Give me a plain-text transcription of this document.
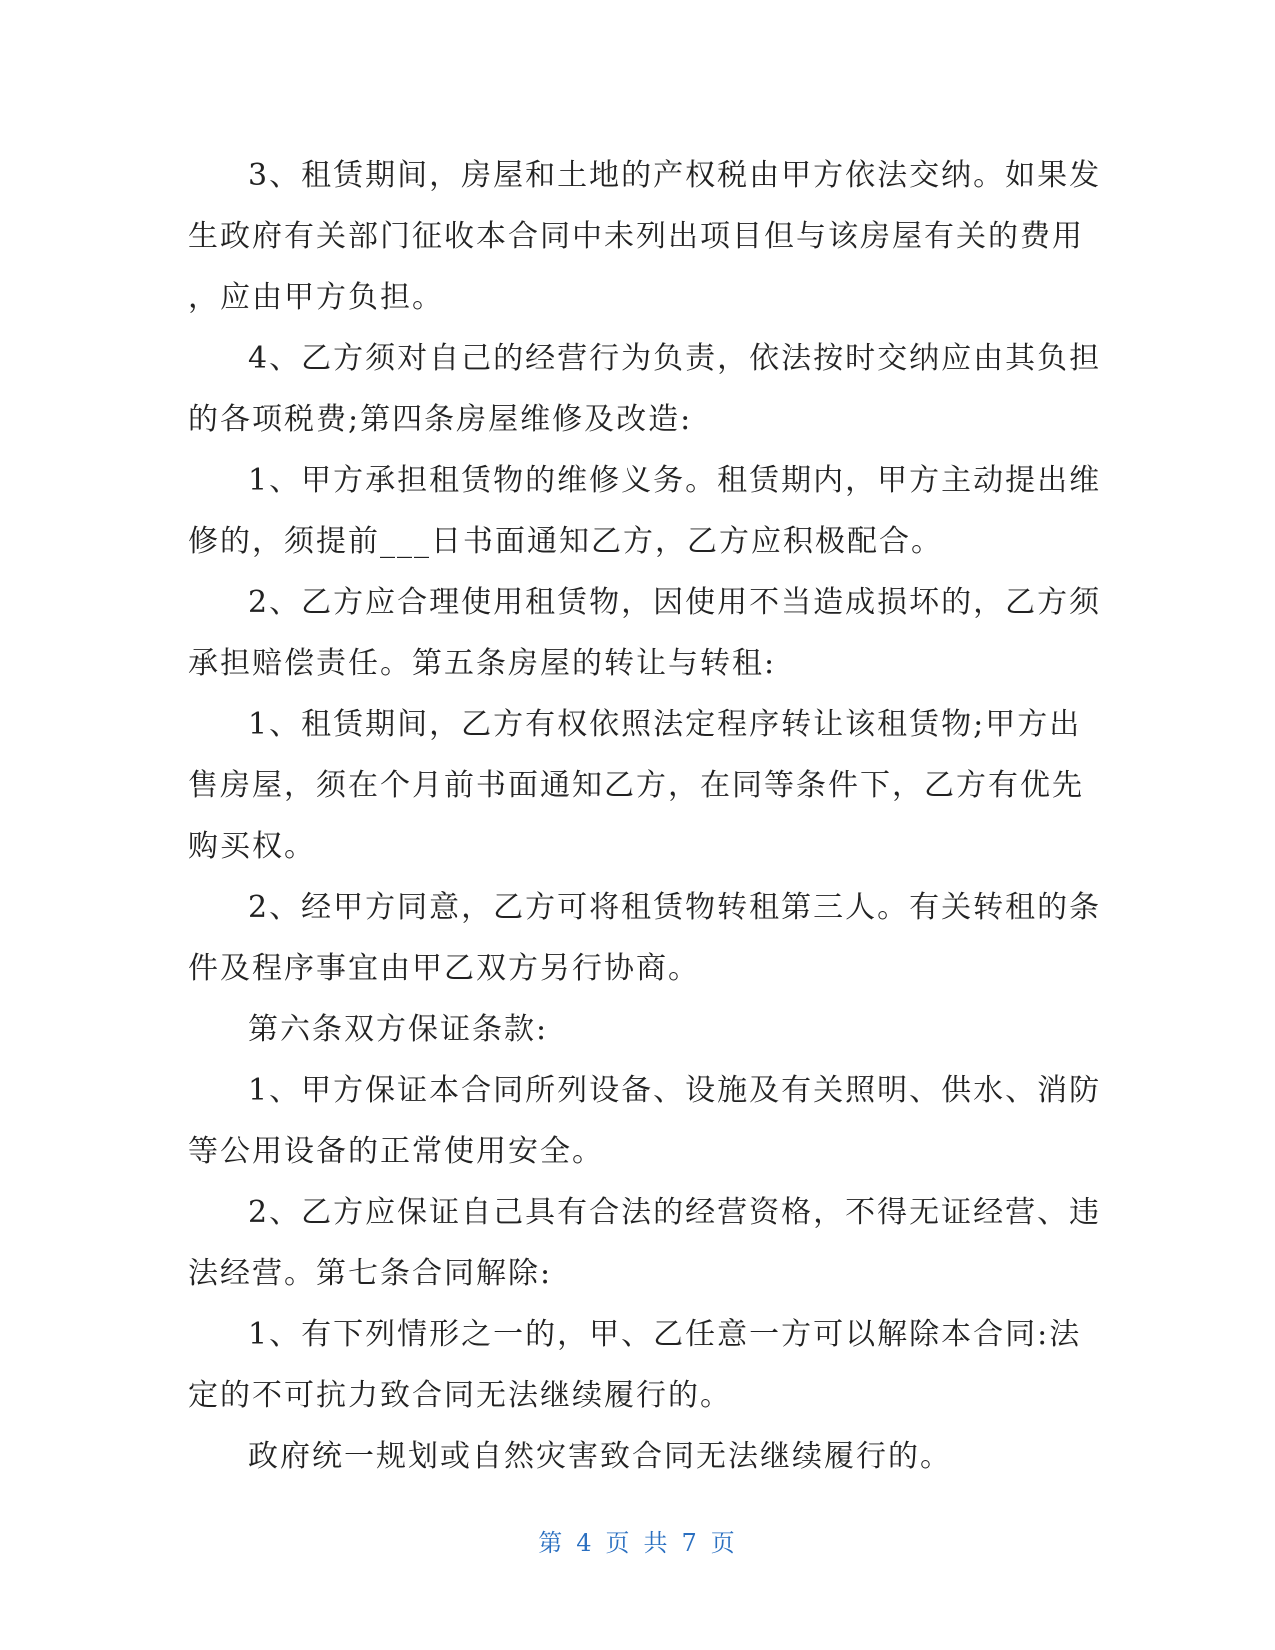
3、租赁期间，房屋和土地的产权税由甲方依法交纳。如果发
生政府有关部门征收本合同中未列出项目但与该房屋有关的费用
，应由甲方负担。
4、乙方须对自己的经营行为负责，依法按时交纳应由其负担
的各项税费;第四条房屋维修及改造:
1、甲方承担租赁物的维修义务。租赁期内，甲方主动提出维
修的，须提前___日书面通知乙方，乙方应积极配合。
2、乙方应合理使用租赁物，因使用不当造成损坏的，乙方须
承担赔偿责任。第五条房屋的转让与转租:
1、租赁期间，乙方有权依照法定程序转让该租赁物;甲方出
售房屋，须在个月前书面通知乙方，在同等条件下，乙方有优先
购买权。
2、经甲方同意，乙方可将租赁物转租第三人。有关转租的条
件及程序事宜由甲乙双方另行协商。
第六条双方保证条款:
1、甲方保证本合同所列设备、设施及有关照明、供水、消防
等公用设备的正常使用安全。
2、乙方应保证自己具有合法的经营资格，不得无证经营、违
法经营。第七条合同解除:
1、有下列情形之一的，甲、乙任意一方可以解除本合同:法
定的不可抗力致合同无法继续履行的。
政府统一规划或自然灾害致合同无法继续履行的。
第 4 页 共 7 页
